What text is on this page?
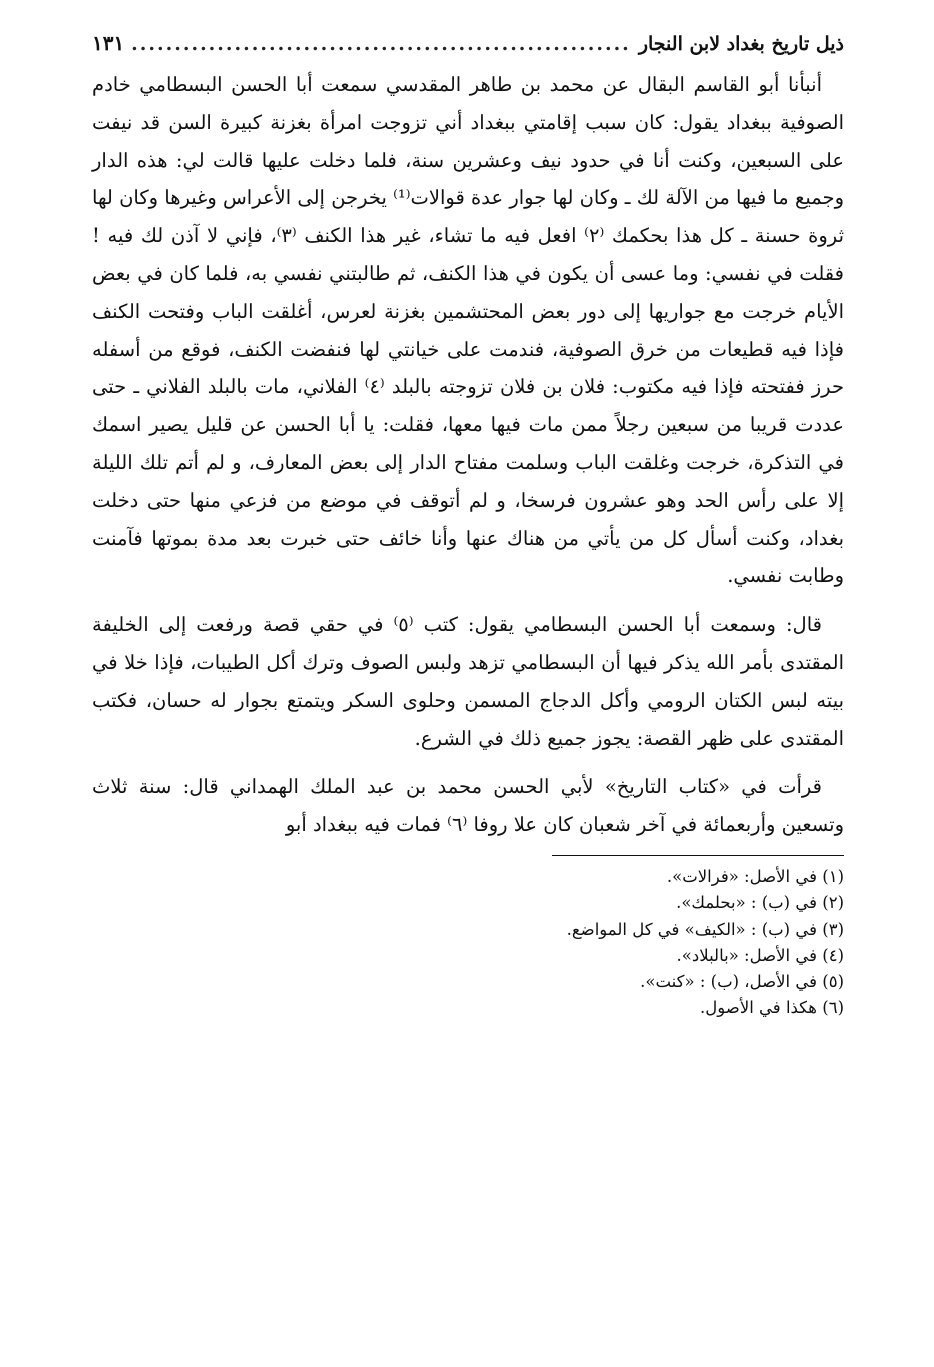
ذيل تاريخ بغداد لابن النجار
.....
١٣١

أنبأنا أبو القاسم البقال عن محمد بن طاهر المقدسي سمعت أبا الحسن البسطامي خادم الصوفية ببغداد يقول: كان سبب إقامتي ببغداد أني تزوجت امرأة بغزنة كبيرة السن قد نيفت على السبعين، وكنت أنا في حدود نيف وعشرين سنة، فلما دخلت عليها قالت لي: هذه الدار وجميع ما فيها من الآلة لك ـ وكان لها جوار عدة قوالات⁽¹⁾ يخرجن إلى الأعراس وغيرها وكان لها ثروة حسنة ـ كل هذا بحكمك ⁽٢⁾ افعل فيه ما تشاء، غير هذا الكنف ⁽٣⁾، فإني لا آذن لك فيه ! فقلت في نفسي: وما عسى أن يكون في هذا الكنف، ثم طالبتني نفسي به، فلما كان في بعض الأيام خرجت مع جواريها إلى دور بعض المحتشمين بغزنة لعرس، أغلقت الباب وفتحت الكنف فإذا فيه قطيعات من خرق الصوفية، فندمت على خيانتي لها فنفضت الكنف، فوقع من أسفله حرز ففتحته فإذا فيه مكتوب: فلان بن فلان تزوجته بالبلد ⁽٤⁾ الفلاني، مات بالبلد الفلاني ـ حتى عددت قريبا من سبعين رجلاً ممن مات فيها معها، فقلت: يا أبا الحسن عن قليل يصير اسمك في التذكرة، خرجت وغلقت الباب وسلمت مفتاح الدار إلى بعض المعارف، و لم أتم تلك الليلة إلا على رأس الحد وهو عشرون فرسخا، و لم أتوقف في موضع من فزعي منها حتى دخلت بغداد، وكنت أسأل كل من يأتي من هناك عنها وأنا خائف حتى خبرت بعد مدة بموتها فآمنت وطابت نفسي.

قال: وسمعت أبا الحسن البسطامي يقول: كتب ⁽٥⁾ في حقي قصة ورفعت إلى الخليفة المقتدى بأمر الله يذكر فيها أن البسطامي تزهد ولبس الصوف وترك أكل الطيبات، فإذا خلا في بيته لبس الكتان الرومي وأكل الدجاج المسمن وحلوى السكر ويتمتع بجوار له حسان، فكتب المقتدى على ظهر القصة: يجوز جميع ذلك في الشرع.

قرأت في «كتاب التاريخ» لأبي الحسن محمد بن عبد الملك الهمداني قال: سنة ثلاث وتسعين وأربعمائة في آخر شعبان كان علا روفا ⁽٦⁾ فمات فيه ببغداد أبو

(١) في الأصل: «فرالات».
(٢) في (ب) : «بحلمك».
(٣) في (ب) : «الكيف» في كل المواضع.
(٤) في الأصل: «بالبلاد».
(٥) في الأصل، (ب) : «كنت».
(٦) هكذا في الأصول.
